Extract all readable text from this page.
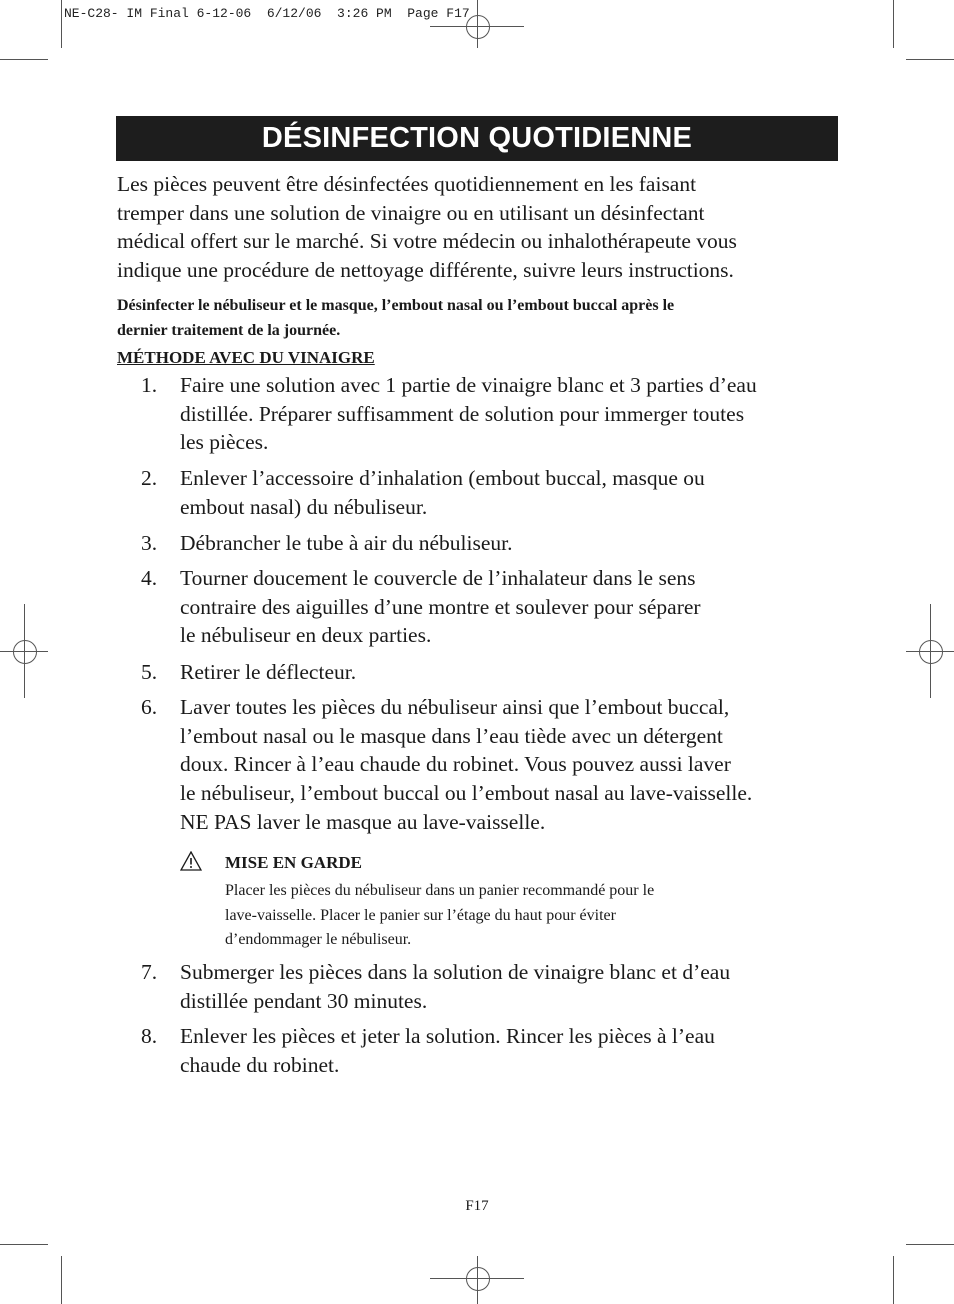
NE-C28- IM Final 6-12-06  6/12/06  3:26 PM  Page F17
DÉSINFECTION QUOTIDIENNE
Les pièces peuvent être désinfectées quotidiennement en les faisant
tremper dans une solution de vinaigre ou en utilisant un désinfectant
médical offert sur le marché. Si votre médecin ou inhalothérapeute vous
indique une procédure de nettoyage différente, suivre leurs instructions.
Désinfecter le nébuliseur et le masque, l’embout nasal ou l’embout buccal après le
dernier traitement de la journée.
MÉTHODE AVEC DU VINAIGRE
1.	Faire une solution avec 1 partie de vinaigre blanc et 3 parties d’eau
distillée. Préparer suffisamment de solution pour immerger toutes
les pièces.
2.	Enlever l’accessoire d’inhalation (embout buccal, masque ou
embout nasal) du nébuliseur.
3.	Débrancher le tube à air du nébuliseur.
4.	Tourner doucement le couvercle de l’inhalateur dans le sens
contraire des aiguilles d’une montre et soulever pour séparer
le nébuliseur en deux parties.
5.	Retirer le déflecteur.
6.	Laver toutes les pièces du nébuliseur ainsi que l’embout buccal,
l’embout nasal ou le masque dans l’eau tiède avec un détergent
doux. Rincer à l’eau chaude du robinet. Vous pouvez aussi laver
le nébuliseur, l’embout buccal ou l’embout nasal au lave-vaisselle.
NE PAS laver le masque au lave-vaisselle.
MISE EN GARDE
Placer les pièces du nébuliseur dans un panier recommandé pour le
lave-vaisselle. Placer le panier sur l’étage du haut pour éviter
d’endommager le nébuliseur.
7.	Submerger les pièces dans la solution de vinaigre blanc et d’eau
distillée pendant 30 minutes.
8.	Enlever les pièces et jeter la solution. Rincer les pièces à l’eau
chaude du robinet.
F17
